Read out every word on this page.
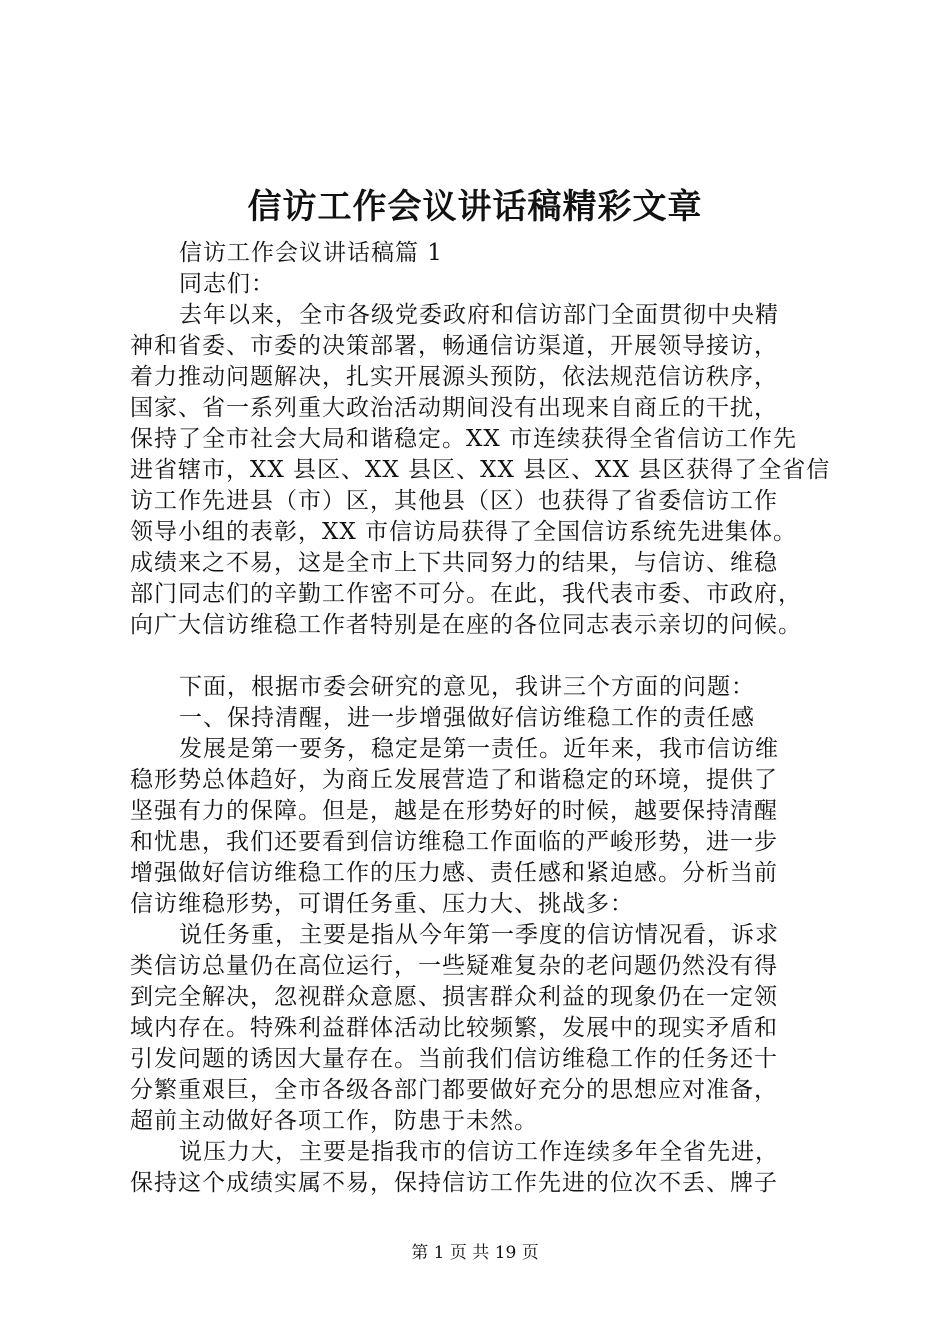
信访工作会议讲话稿精彩文章
信访工作会议讲话稿篇 1
同志们：
去年以来，全市各级党委政府和信访部门全面贯彻中央精
神和省委、市委的决策部署，畅通信访渠道，开展领导接访，
着力推动问题解决，扎实开展源头预防，依法规范信访秩序，
国家、省一系列重大政治活动期间没有出现来自商丘的干扰，
保持了全市社会大局和谐稳定。XX 市连续获得全省信访工作先
进省辖市，XX 县区、XX 县区、XX 县区、XX 县区获得了全省信
访工作先进县（市）区，其他县（区）也获得了省委信访工作
领导小组的表彰，XX 市信访局获得了全国信访系统先进集体。
成绩来之不易，这是全市上下共同努力的结果，与信访、维稳
部门同志们的辛勤工作密不可分。在此，我代表市委、市政府，
向广大信访维稳工作者特别是在座的各位同志表示亲切的问候。
下面，根据市委会研究的意见，我讲三个方面的问题：
一、保持清醒，进一步增强做好信访维稳工作的责任感
发展是第一要务，稳定是第一责任。近年来，我市信访维
稳形势总体趋好，为商丘发展营造了和谐稳定的环境，提供了
坚强有力的保障。但是，越是在形势好的时候，越要保持清醒
和忧患，我们还要看到信访维稳工作面临的严峻形势，进一步
增强做好信访维稳工作的压力感、责任感和紧迫感。分析当前
信访维稳形势，可谓任务重、压力大、挑战多：
说任务重，主要是指从今年第一季度的信访情况看，诉求
类信访总量仍在高位运行，一些疑难复杂的老问题仍然没有得
到完全解决，忽视群众意愿、损害群众利益的现象仍在一定领
域内存在。特殊利益群体活动比较频繁，发展中的现实矛盾和
引发问题的诱因大量存在。当前我们信访维稳工作的任务还十
分繁重艰巨，全市各级各部门都要做好充分的思想应对准备，
超前主动做好各项工作，防患于未然。
说压力大，主要是指我市的信访工作连续多年全省先进，
保持这个成绩实属不易，保持信访工作先进的位次不丢、牌子
第 1 页 共 19 页
